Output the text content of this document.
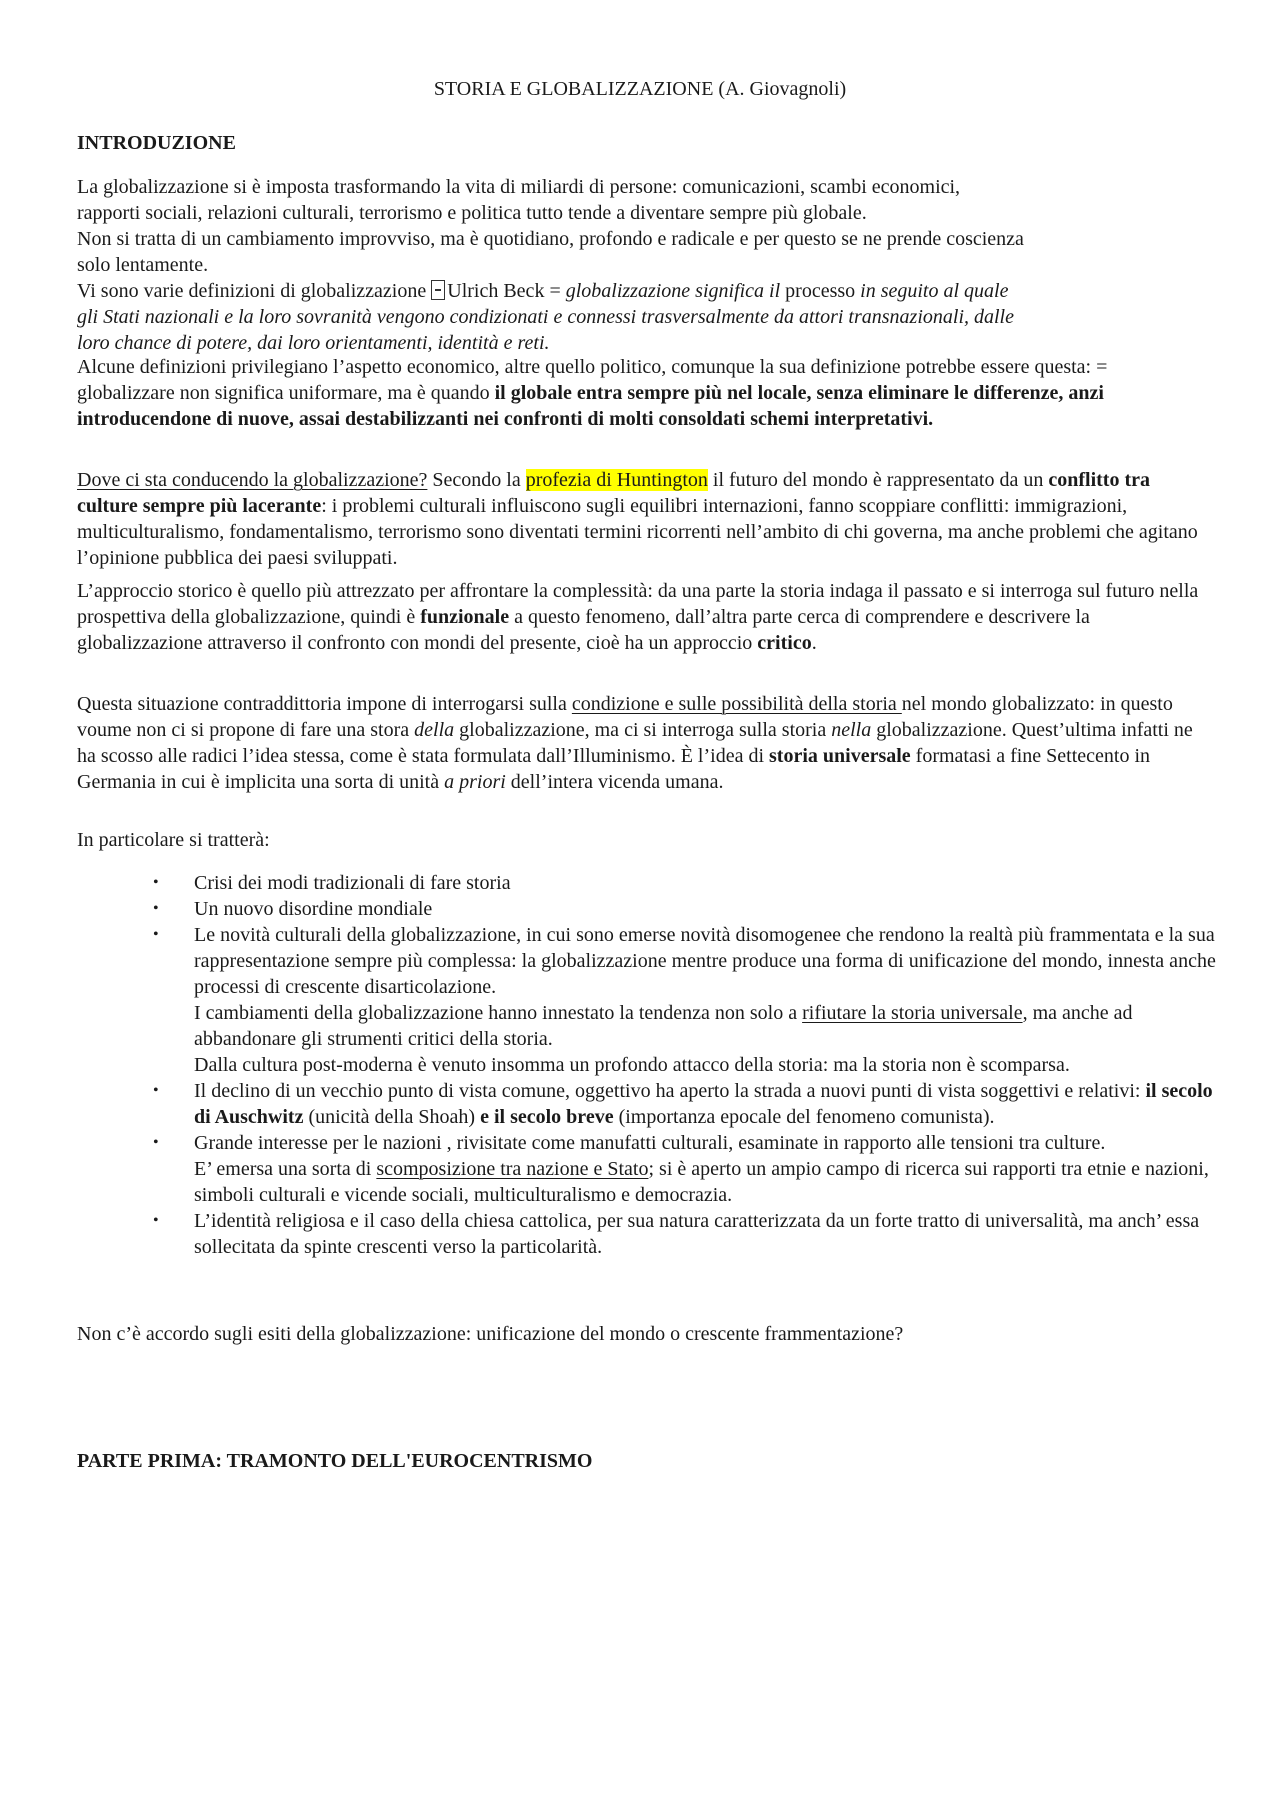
STORIA E GLOBALIZZAZIONE (A. Giovagnoli)
INTRODUZIONE

La globalizzazione si è imposta trasformando la vita di miliardi di persone: comunicazioni, scambi economici,

rapporti sociali, relazioni culturali, terrorismo e politica tutto tende a diventare sempre più globale.

Non si tratta di un cambiamento improvviso, ma è quotidiano, profondo e radicale e per questo se ne prende coscienza

solo lentamente.

Vi sono varie definizioni di globalizzazione Ulrich Beck = globalizzazione significa il processo in seguito al quale

gli Stati nazionali e la loro sovranità vengono condizionati e connessi trasversalmente da attori transnazionali, dalle

loro chance di potere, dai loro orientamenti, identità e reti.

Alcune definizioni privilegiano l’aspetto economico, altre quello politico, comunque la sua definizione potrebbe essere questa: = globalizzare non significa uniformare, ma è quando il globale entra sempre più nel locale, senza eliminare le differenze, anzi introducendone di nuove, assai destabilizzanti nei confronti di molti consoldati schemi interpretativi.

Dove ci sta conducendo la globalizzazione? Secondo la profezia di Huntington il futuro del mondo è rappresentato da un conflitto tra culture sempre più lacerante: i problemi culturali influiscono sugli equilibri internazioni, fanno scoppiare conflitti: immigrazioni, multiculturalismo, fondamentalismo, terrorismo sono diventati termini ricorrenti nell’ambito di chi governa, ma anche problemi che agitano l’opinione pubblica dei paesi sviluppati.

L’approccio storico è quello più attrezzato per affrontare la complessità: da una parte la storia indaga il passato e si interroga sul futuro nella prospettiva della globalizzazione, quindi è funzionale a questo fenomeno, dall’altra parte cerca di comprendere e descrivere la globalizzazione attraverso il confronto con mondi del presente, cioè ha un approccio critico.

Questa situazione contraddittoria impone di interrogarsi sulla condizione e sulle possibilità della storia nel mondo globalizzato: in questo voume non ci si propone di fare una stora della globalizzazione, ma ci si interroga sulla storia nella globalizzazione. Quest’ultima infatti ne ha scosso alle radici l’idea stessa, come è stata formulata dall’Illuminismo. È l’idea di storia universale formatasi a fine Settecento in Germania in cui è implicita una sorta di unità a priori dell’intera vicenda umana.

In particolare si tratterà:
• Crisi dei modi tradizionali di fare storia
• Un nuovo disordine mondiale

• Le novità culturali della globalizzazione, in cui sono emerse novità disomogenee che rendono la realtà più frammentata e la sua rappresentazione sempre più complessa: la globalizzazione mentre produce una forma di unificazione del mondo, innesta anche processi di crescente disarticolazione.

I cambiamenti della globalizzazione hanno innestato la tendenza non solo a rifiutare la storia universale, ma anche ad abbandonare gli strumenti critici della storia.

Dalla cultura post-moderna è venuto insomma un profondo attacco della storia: ma la storia non è scomparsa.

• Il declino di un vecchio punto di vista comune, oggettivo ha aperto la strada a nuovi punti di vista soggettivi e relativi: il secolo di Auschwitz (unicità della Shoah) e il secolo breve (importanza epocale del fenomeno comunista).

• Grande interesse per le nazioni , rivisitate come manufatti culturali, esaminate in rapporto alle tensioni tra culture.

E’ emersa una sorta di scomposizione tra nazione e Stato; si è aperto un ampio campo di ricerca sui rapporti tra etnie e nazioni, simboli culturali e vicende sociali, multiculturalismo e democrazia.

• L’identità religiosa e il caso della chiesa cattolica, per sua natura caratterizzata da un forte tratto di universalità, ma anch’ essa sollecitata da spinte crescenti verso la particolarità.
Non c’è accordo sugli esiti della globalizzazione: unificazione del mondo o crescente frammentazione?
PARTE PRIMA: TRAMONTO DELL'EUROCENTRISMO
